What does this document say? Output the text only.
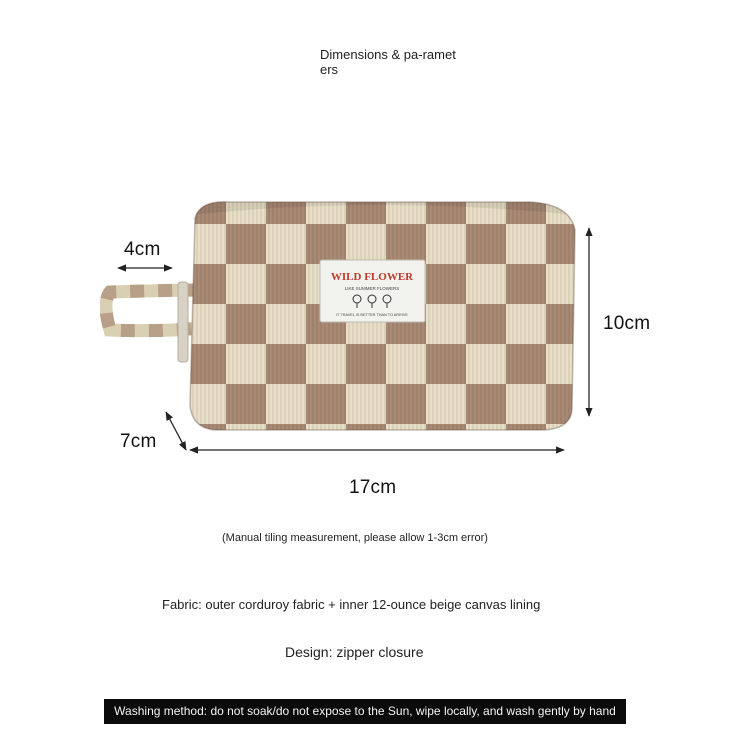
Dimensions & pa-rameters
WILD FLOWER
LIKE SUMMER FLOWERS
IT TRAVEL IS BETTER THAN TO ARRIVE
4cm
10cm
7cm
17cm
(Manual tiling measurement, please allow 1-3cm error)
Fabric: outer corduroy fabric + inner 12-ounce beige canvas lining
Design: zipper closure
Washing method: do not soak/do not expose to the Sun, wipe locally, and wash gently by hand
